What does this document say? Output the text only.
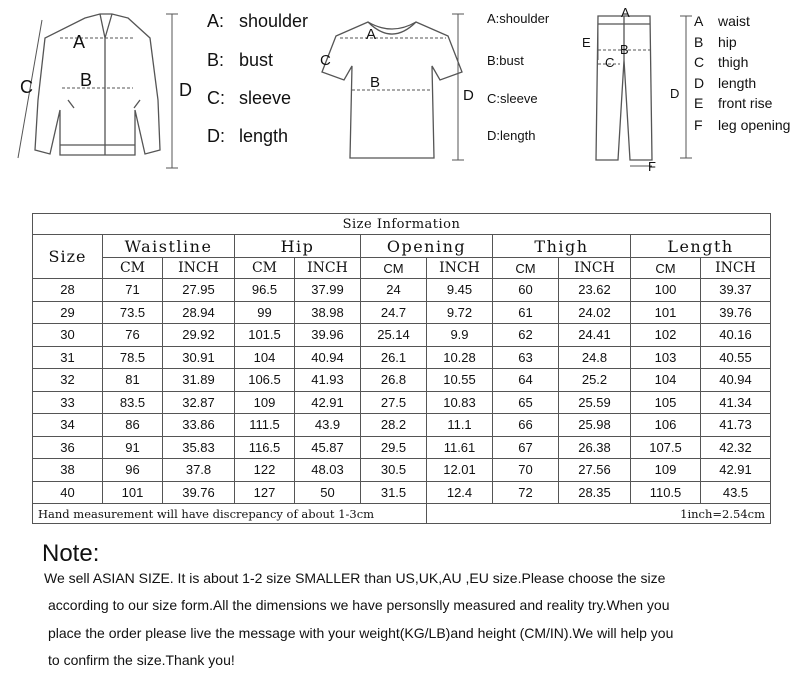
A
B
C	D
A: shoulder
B: bust
C: sleeve
D: length
A
B
C
D
A:shoulder
B:bust
C:sleeve
D:length
A
B
C
D
E
F
A waist
B hip
C thigh
D length
E front rise
F leg opening
Size Information										
Size	Waistline		Hip		Opening		Thigh		Length	
	CM	INCH	CM	INCH	CM	INCH	CM	INCH	CM	INCH
28	71	27.95	96.5	37.99	24	9.45	60	23.62	100	39.37
29	73.5	28.94	99	38.98	24.7	9.72	61	24.02	101	39.76
30	76	29.92	101.5	39.96	25.14	9.9	62	24.41	102	40.16
31	78.5	30.91	104	40.94	26.1	10.28	63	24.8	103	40.55
32	81	31.89	106.5	41.93	26.8	10.55	64	25.2	104	40.94
33	83.5	32.87	109	42.91	27.5	10.83	65	25.59	105	41.34
34	86	33.86	111.5	43.9	28.2	11.1	66	25.98	106	41.73
36	91	35.83	116.5	45.87	29.5	11.61	67	26.38	107.5	42.32
38	96	37.8	122	48.03	30.5	12.01	70	27.56	109	42.91
40	101	39.76	127	50	31.5	12.4	72	28.35	110.5	43.5
Hand measurement will have discrepancy of about 1-3cm						1inch=2.54cm				
Note:
We sell ASIAN SIZE. It is about 1-2 size SMALLER than US,UK,AU ,EU size.Please choose the size
according to our size form.All the dimensions we have personslly measured and reality try.When you
place the order please live the message with your weight(KG/LB)and height (CM/IN).We will help you
to confirm the size.Thank you!
